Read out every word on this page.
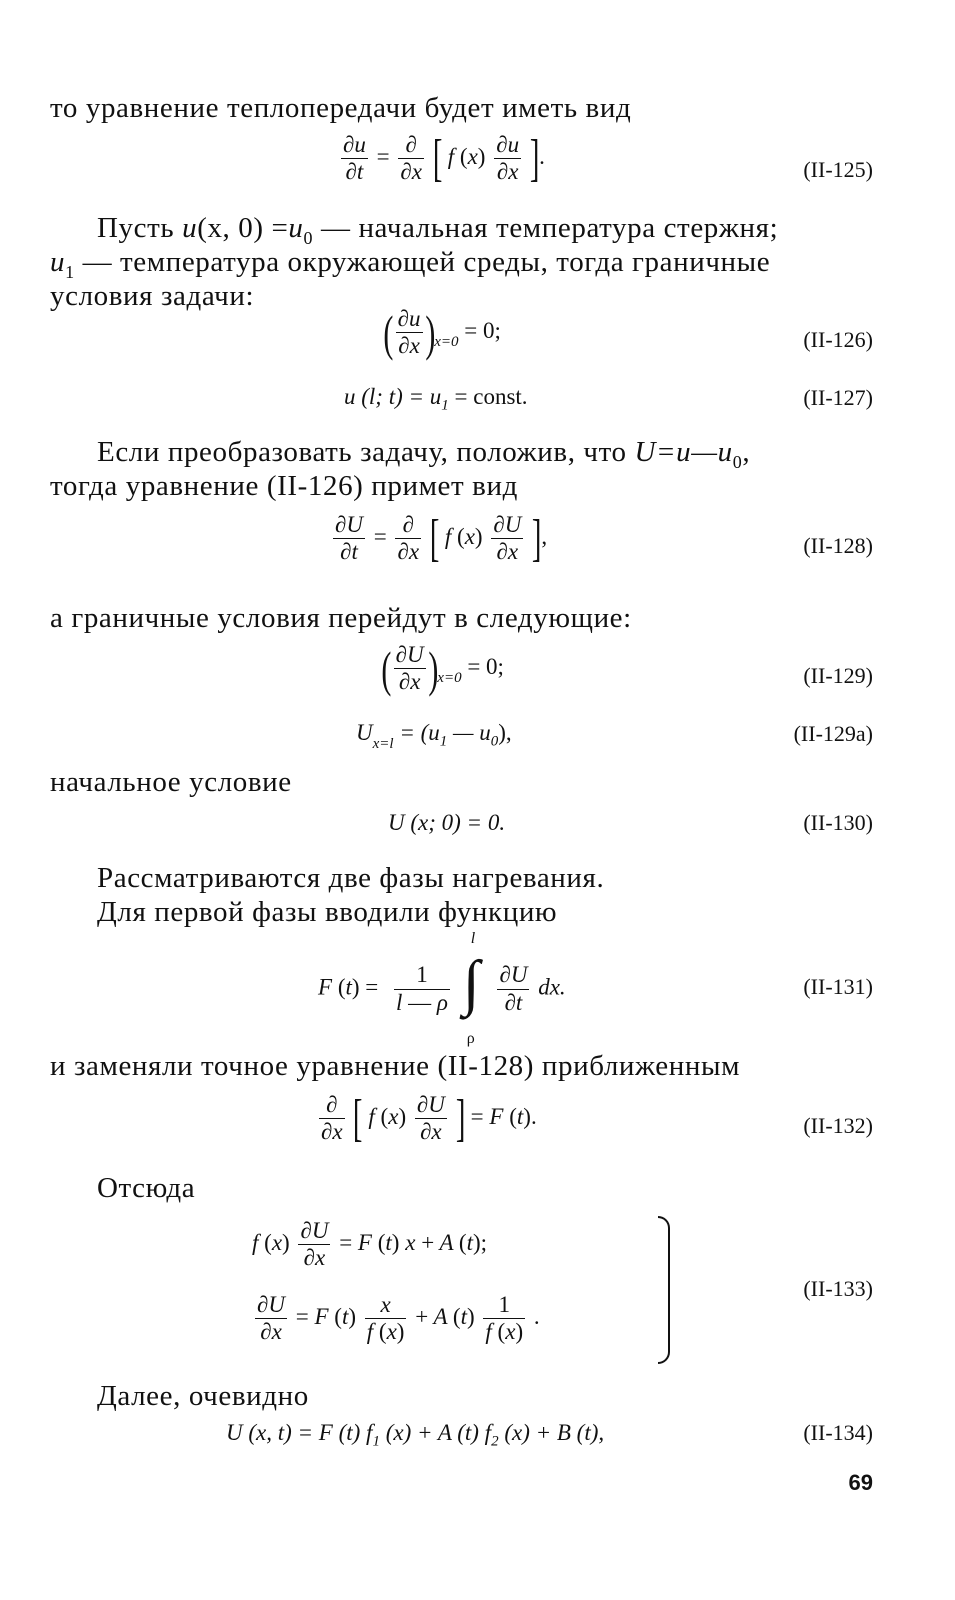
то уравнение теплопередачи будет иметь вид
$\frac{\partial u}{\partial t} = \frac{\partial}{\partial x}$ [ f $(x) \frac{\partial u}{\partial x}$ ].
(II-125)
Пусть u(x, $0) =u_0$ — начальная температура стержня;
$u_1$ — температура окружающей среды, тогда граничные
условия задачи:
( $\frac{\partial u}{\partial x} )_{x=0} = 0$;	(II-126)
u (l; $t) = u_1$ = const.	(II-127)
Если преобразовать задачу, положив, что $U=u—u_0$,
тогда уравнение (II-126) примет вид
$\frac{\partial U}{\partial t} = \frac{\partial}{\partial x}$ [ f $(x) \frac{\partial U}{\partial x}$ ],	(II-128)
а граничные условия перейдут в следующие:
( $\frac{\partial U}{\partial x} )_{x=0} = 0$;	(II-129)
$U_{x=l} = (u_1$ — $u_0$),	(II-129a)
начальное условие
U (x; 0) = 0.	(II-130)
Рассматриваются две фазы нагревания.
Для первой фазы вводили функцию
F $(t) = \frac{1}{l — \rho}$

l
∫
ρ

$\frac{\partial U}{\partial t}$ dx.	(II-131)
и заменяли точное уравнение (II-128) приближенным
$\frac{\partial}{\partial x}$ [ f $(x) \frac{\partial U}{\partial x}$ ] = F (t).	(II-132)
Отсюда
f $(x) \frac{\partial U}{\partial x} = F$ (t) x + A (t);
$\frac{\partial U}{\partial x} = F$ $(t) \frac{x}{f (x)} + A$ $(t) \frac{1}{f (x)}$ .
(II-133)
Далее, очевидно
U (x, t) = F (t) $f_1$ (x) + A (t) $f_2$ (x) + B (t),	(II-134)
69
